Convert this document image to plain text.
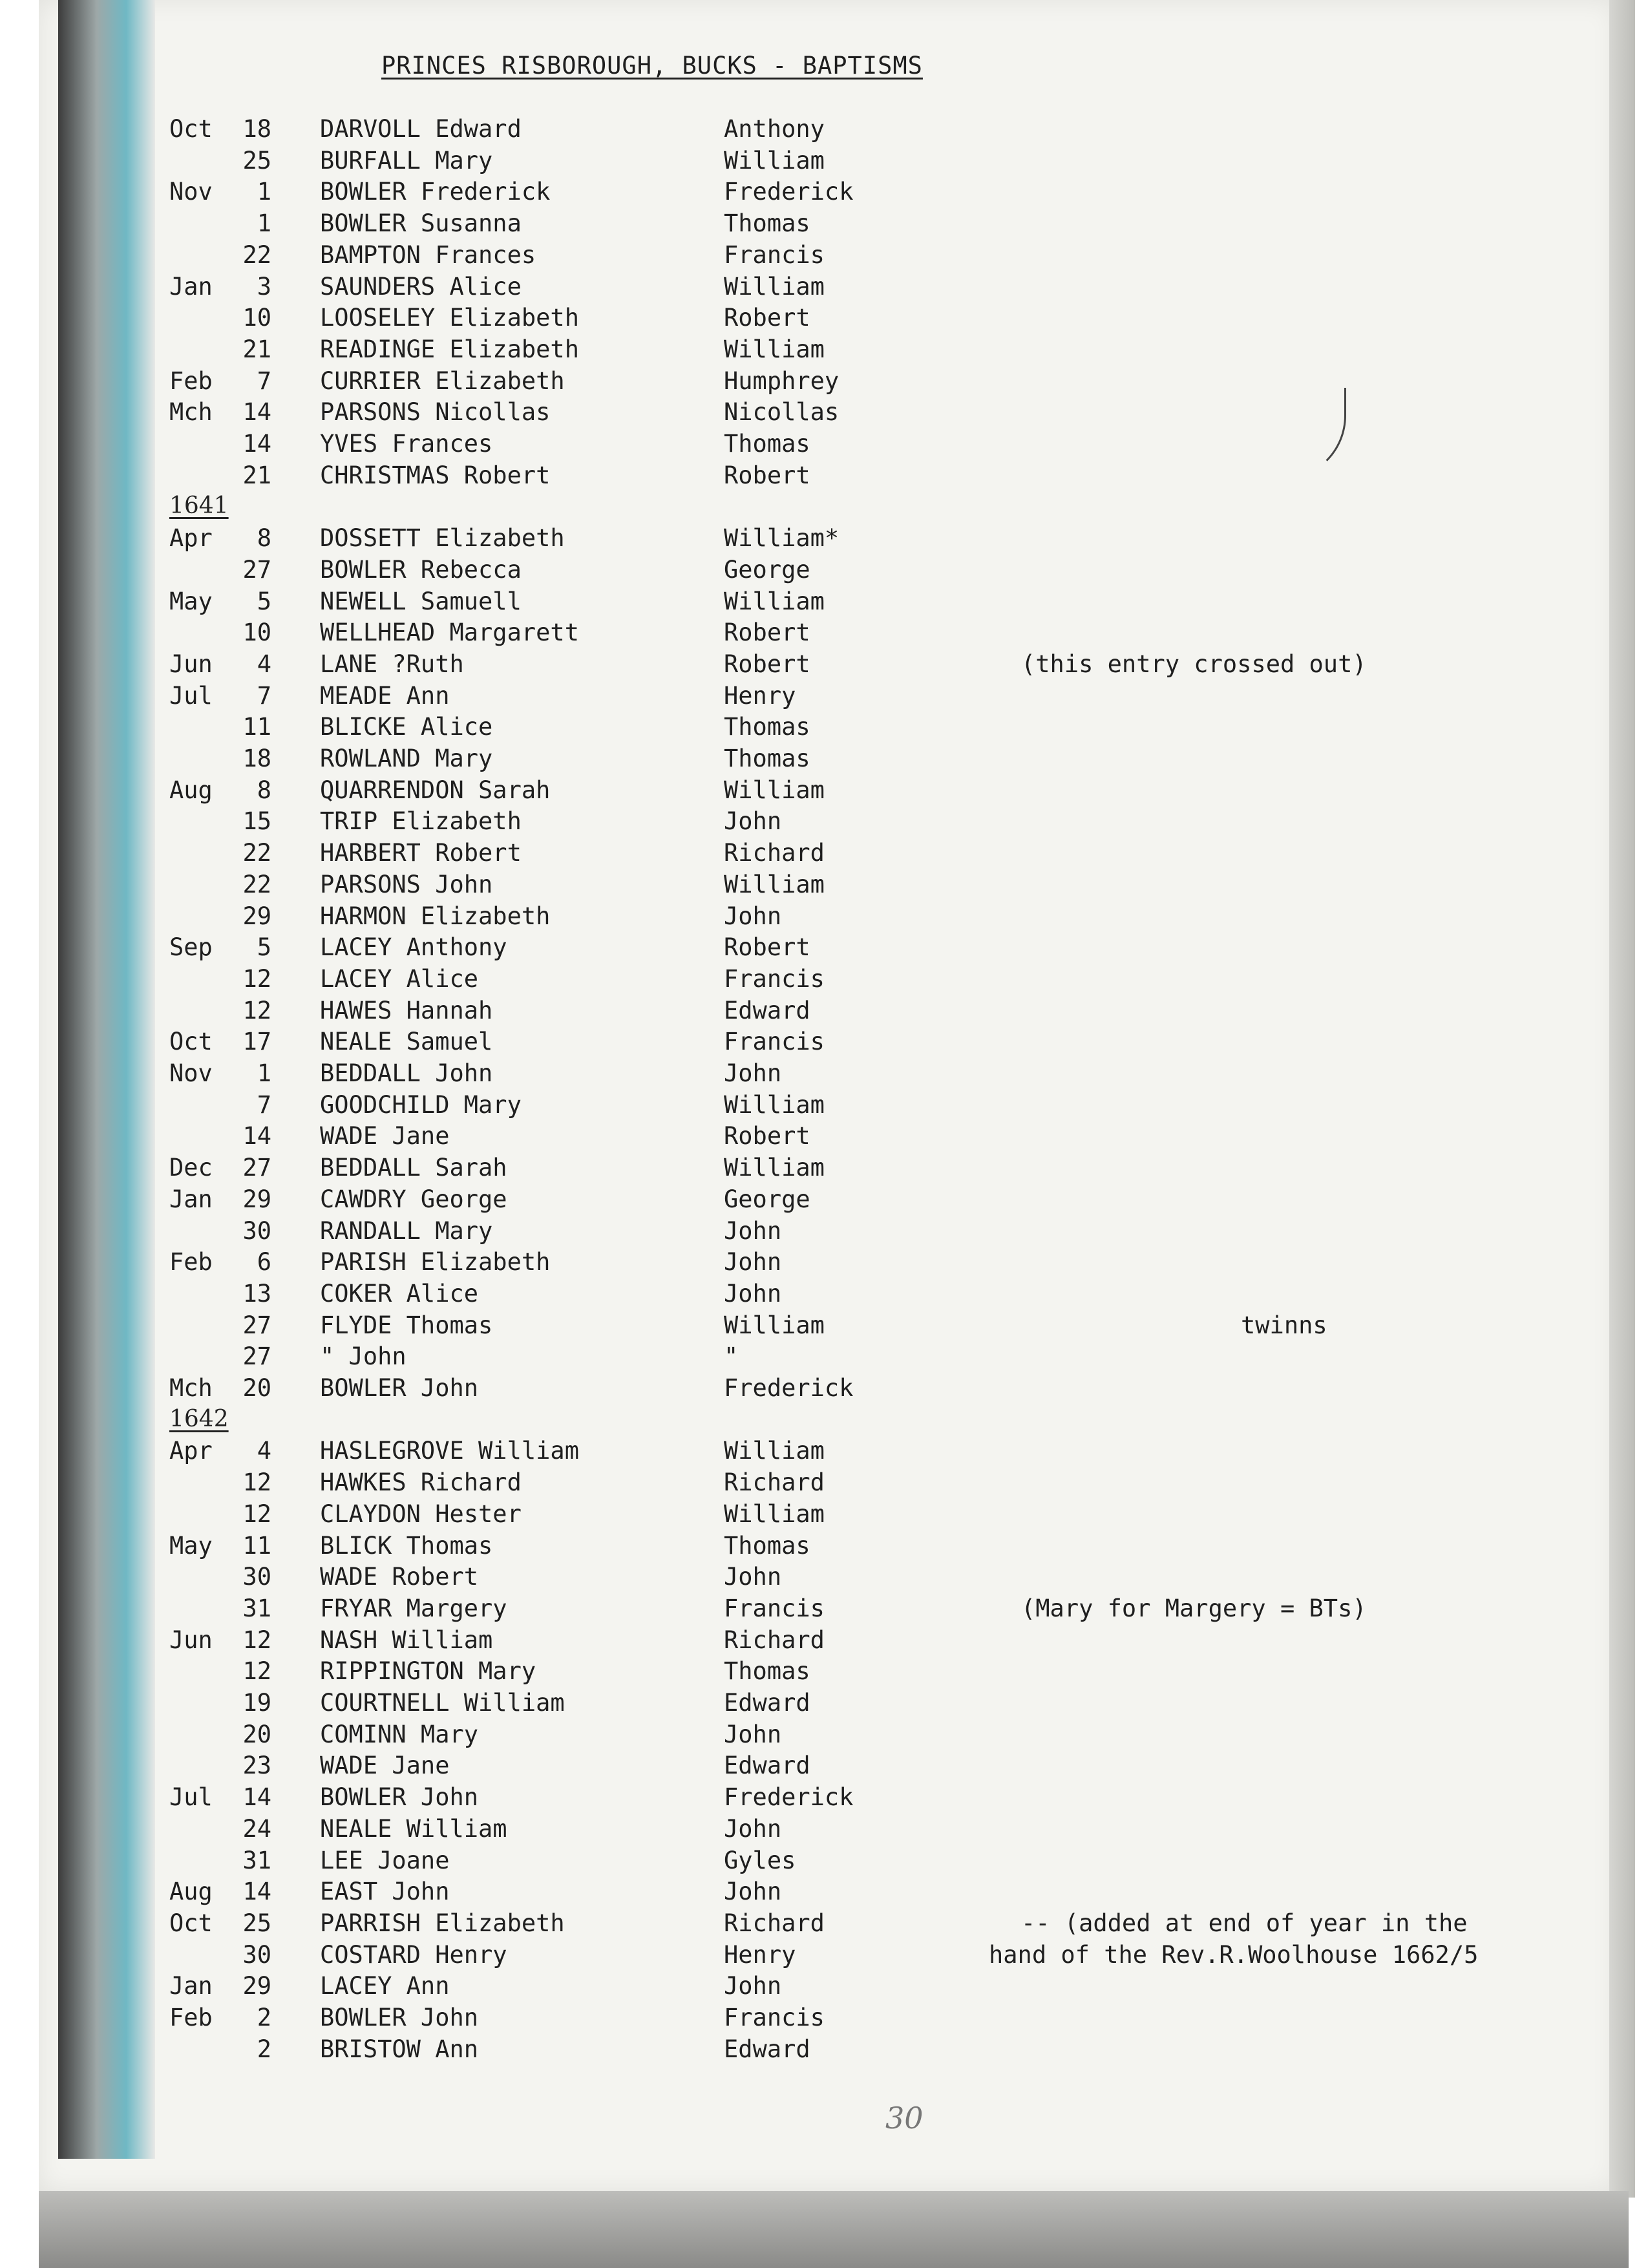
PRINCES RISBOROUGH, BUCKS - BAPTISMS
Oct	18 DARVOLL Edward	Anthony
25 BURFALL Mary	William
Nov	1 BOWLER Frederick	Frederick
1 BOWLER Susanna	Thomas
22 BAMPTON Frances	Francis
Jan	3 SAUNDERS Alice	William
10 LOOSELEY Elizabeth	Robert
21 READINGE Elizabeth	William
Feb	7 CURRIER Elizabeth	Humphrey
Mch	14 PARSONS Nicollas	Nicollas
14 YVES Frances	Thomas
21 CHRISTMAS Robert	Robert
1641
Apr	8 DOSSETT Elizabeth	William*
27 BOWLER Rebecca	George
May	5 NEWELL Samuell	William
10 WELLHEAD Margarett	Robert
Jun	4 LANE ?Ruth	Robert	(this entry crossed out)
Jul	7 MEADE Ann	Henry
11 BLICKE Alice	Thomas
18 ROWLAND Mary	Thomas
Aug	8 QUARRENDON Sarah	William
15 TRIP Elizabeth	John
22 HARBERT Robert	Richard
22 PARSONS John	William
29 HARMON Elizabeth	John
Sep	5 LACEY Anthony	Robert
12 LACEY Alice	Francis
12 HAWES Hannah	Edward
Oct	17 NEALE Samuel	Francis
Nov	1 BEDDALL John	John
7 GOODCHILD Mary	William
14 WADE Jane	Robert
Dec	27 BEDDALL Sarah	William
Jan	29 CAWDRY George	George
30 RANDALL Mary	John
Feb	6 PARISH Elizabeth	John
13 COKER Alice	John
27 FLYDE Thomas	William	twinns
27 " John	"
Mch	20 BOWLER John	Frederick
1642
Apr	4 HASLEGROVE William	William
12 HAWKES Richard	Richard
12 CLAYDON Hester	William
May	11 BLICK Thomas	Thomas
30 WADE Robert	John
31 FRYAR Margery	Francis	(Mary for Margery = BTs)
Jun	12 NASH William	Richard
12 RIPPINGTON Mary	Thomas
19 COURTNELL William	Edward
20 COMINN Mary	John
23 WADE Jane	Edward
Jul	14 BOWLER John	Frederick
24 NEALE William	John
31 LEE Joane	Gyles
Aug	14 EAST John	John
Oct	25 PARRISH Elizabeth	Richard	-- (added at end of year in the
30 COSTARD Henry	Henry	hand of the Rev.R.Woolhouse 1662/5
Jan	29 LACEY Ann	John
Feb	2 BOWLER John	Francis
2 BRISTOW Ann	Edward
30
